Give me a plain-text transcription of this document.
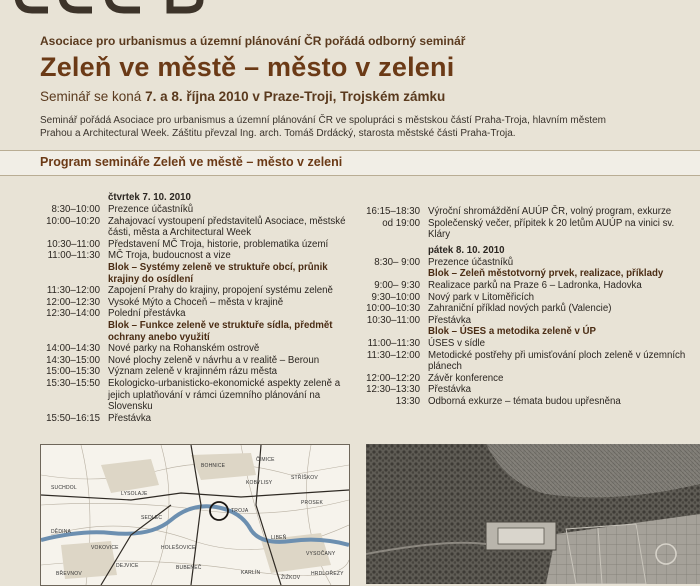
Asociace pro urbanismus a územní plánování ČR pořádá odborný seminář
Zeleň ve městě – město v zeleni
Seminář se koná 7. a 8. října 2010 v Praze-Troji, Trojském zámku
Seminář pořádá Asociace pro urbanismus a územní plánování ČR ve spolupráci s městskou částí Praha-Troja, hlavním městem Prahou a Architectural Week. Záštitu převzal Ing. arch. Tomáš Drdácký, starosta městské části Praha-Troja.
Program semináře Zeleň ve městě – město v zeleni
čtvrtek 7. 10. 2010
8:30–10:00 Prezence účastníků
10:00–10:20 Zahajovací vystoupení představitelů Asociace, městské části, města a Architectural Week
10:30–11:00 Představení MČ Troja, historie, problematika území
11:00–11:30 MČ Troja, budoucnost a vize
Blok – Systémy zeleně ve struktuře obcí, průnik krajiny do osídlení
11:30–12:00 Zapojení Prahy do krajiny, propojení systému zeleně
12:00–12:30 Vysoké Mýto a Choceň – města v krajině
12:30–14:00 Polední přestávka
Blok – Funkce zeleně ve struktuře sídla, předmět ochrany anebo využití
14:00–14:30 Nové parky na Rohanském ostrově
14:30–15:00 Nové plochy zeleně v návrhu a v realitě – Beroun
15:00–15:30 Význam zeleně v krajinném rázu města
15:30–15:50 Ekologicko-urbanisticko-ekonomické aspekty zeleně a jejich uplatňování v rámci územního plánování na Slovensku
15:50–16:15 Přestávka
16:15–18:30 Výroční shromáždění AUÚP ČR, volný program, exkurze
od 19:00 Společenský večer, přípitek k 20 letům AUÚP na vinici sv. Kláry
pátek 8. 10. 2010
8:30– 9:00 Prezence účastníků
Blok – Zeleň městotvorný prvek, realizace, příklady
9:00– 9:30 Realizace parků na Praze 6 – Ladronka, Hadovka
9:30–10:00 Nový park v Litoměřicích
10:00–10:30 Zahraniční příklad nových parků (Valencie)
10:30–11:00 Přestávka
Blok – ÚSES a metodika zeleně v ÚP
11:00–11:30 ÚSES v sídle
11:30–12:00 Metodické postřehy při umisťování ploch zeleně v územních plánech
12:00–12:20 Závěr konference
12:30–13:30 Přestávka
13:30 Odborná exkurze – témata budou upřesněna
BOHNICE
TROJA
LIBEŇ
HOLEŠOVICE
KOBYLISY
ČIMICE
LYSOLAJE
VOKOVICE
DEJVICE	BUBENEČ
KARLÍN
PROSEK
VYSOČANY
STŘÍŠKOV
SEDLEC
SUCHDOL
ŽIŽKOV
BŘEVNOV
DĚDINA
HRDLOŘEZY
